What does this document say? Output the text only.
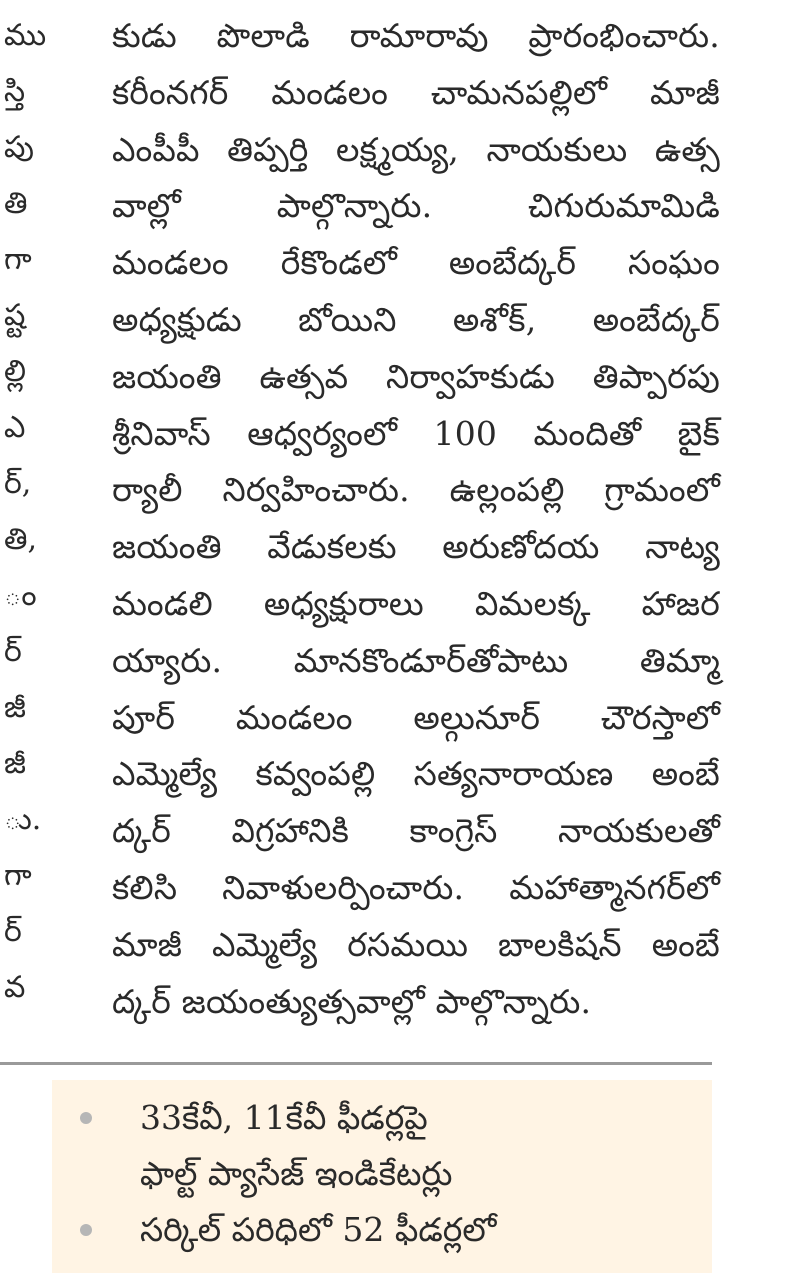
ము
స్తి
పు
తి
గా
ష్ట
ల్లి
ఎ
ర్,
తి,
ం
ర్
జీ
జీ
ు.
గా
ర్
వ
కుడు పొలాడి రామారావు ప్రారంభించారు.
కరీంనగర్ మండలం చామనపల్లిలో మాజీ
ఎంపీపీ తిప్పర్తి లక్ష్మయ్య, నాయకులు ఉత్స
వాల్లో పాల్గొన్నారు. చిగురుమామిడి
మండలం రేకొండలో అంబేద్కర్ సంఘం
అధ్యక్షుడు బోయిని అశోక్, అంబేద్కర్
జయంతి ఉత్సవ నిర్వాహకుడు తిప్పారపు
శ్రీనివాస్ ఆధ్వర్యంలో 100 మందితో బైక్
ర్యాలీ నిర్వహించారు. ఉల్లంపల్లి గ్రామంలో
జయంతి వేడుకలకు అరుణోదయ నాట్య
మండలి అధ్యక్షురాలు విమలక్క హాజర
య్యారు. మానకొండూర్‌తోపాటు తిమ్మా
పూర్ మండలం అల్గునూర్ చౌరస్తాలో
ఎమ్మెల్యే కవ్వంపల్లి సత్యనారాయణ అంబే
ద్కర్ విగ్రహానికి కాంగ్రెస్ నాయకులతో
కలిసి నివాళులర్పించారు. మహాత్మానగర్‌లో
మాజీ ఎమ్మెల్యే రసమయి బాలకిషన్ అంబే
ద్కర్ జయంత్యుత్సవాల్లో పాల్గొన్నారు.
33కేవీ, 11కేవీ ఫీడర్లపై
ఫాల్ట్ ప్యాసేజ్ ఇండికేటర్లు
సర్కిల్ పరిధిలో 52 ఫీడర్లలో
